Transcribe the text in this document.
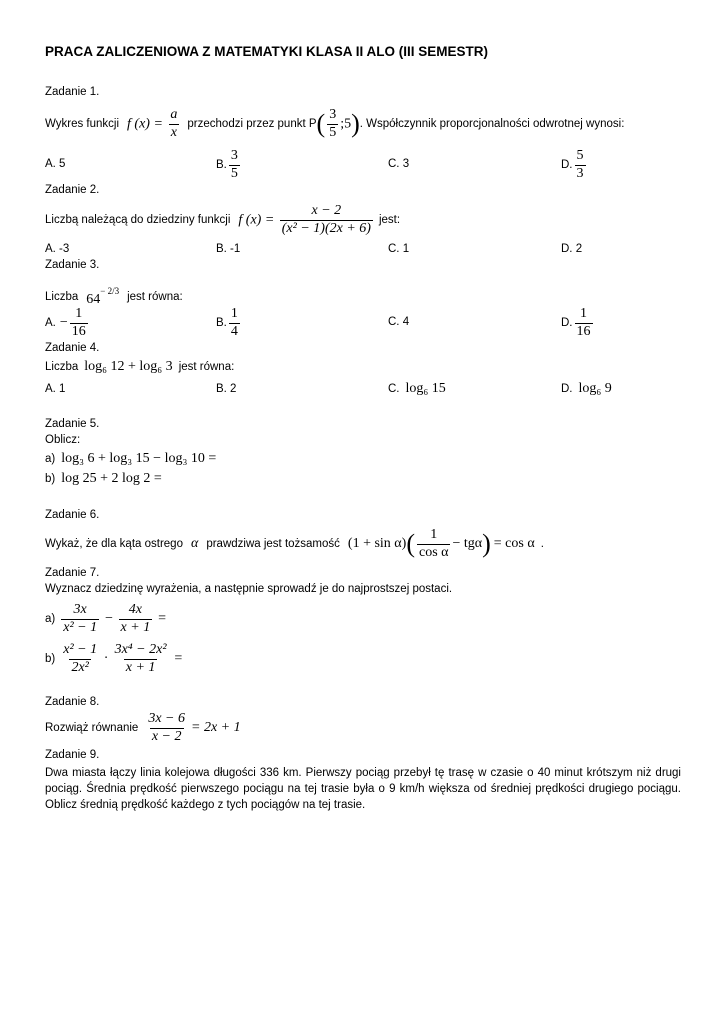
PRACA ZALICZENIOWA Z MATEMATYKI KLASA II ALO (III SEMESTR)
Zadanie 1.
Wykres funkcji f $(x) = \frac{a}{x}$ przechodzi przez punkt P ( $\frac{3}{5}$ ;5) . Współczynnik proporcjonalności odwrotnej wynosi:
A. 5	B. $\frac{3}{5}$	C. 3	D. $\frac{5}{3}$
Zadanie 2.
Liczbą należącą do dziedziny funkcji f $(x) = \frac{x - 2}{\text{(x² − 1)(2x + 6)}}$ jest:
A. -3	B. -1	C. 1	D. 2
Zadanie 3.
Liczba $64^{- 2/3}$ jest równa:
A. − $\frac{1}{16}$	B. $\frac{1}{4}$	C. 4	D. $\frac{1}{16}$
Zadanie 4.
Liczba log₆ 12 + log₆ 3 jest równa:
A. 1	B. 2	C. log₆ 15	D. log₆ 9
Zadanie 5.
Oblicz:
a) log₃ 6 + log₃ 15 − log₃ 10 =
b) log 25 + 2 log 2 =
Zadanie 6.
Wykaż, że dla kąta ostrego α prawdziwa jest tożsamość (1 + sin α) ( $\frac{1}{\text{cos α}} - tg\alpha$ ) = cos α .
Zadanie 7.
Wyznacz dziedzinę wyrażenia, a następnie sprowadź je do najprostszej postaci.
$a) \frac{3x}{\text{x² − 1}} - \frac{4x}{x + 1}$ =
$b) \frac{\text{x² − 1}}{\text{2x²}} \cdot \frac{\text{3x⁴ − 2x²}}{x + 1}$ =
Zadanie 8.
Rozwiąż równanie $\frac{3x - 6}{x - 2} = 2x + 1$
Zadanie 9.
Dwa miasta łączy linia kolejowa długości 336 km. Pierwszy pociąg przebył tę trasę w czasie o 40 minut krótszym niż drugi pociąg. Średnia prędkość pierwszego pociągu na tej trasie była o 9 km/h większa od średniej prędkości drugiego pociągu. Oblicz średnią prędkość każdego z tych pociągów na tej trasie.
